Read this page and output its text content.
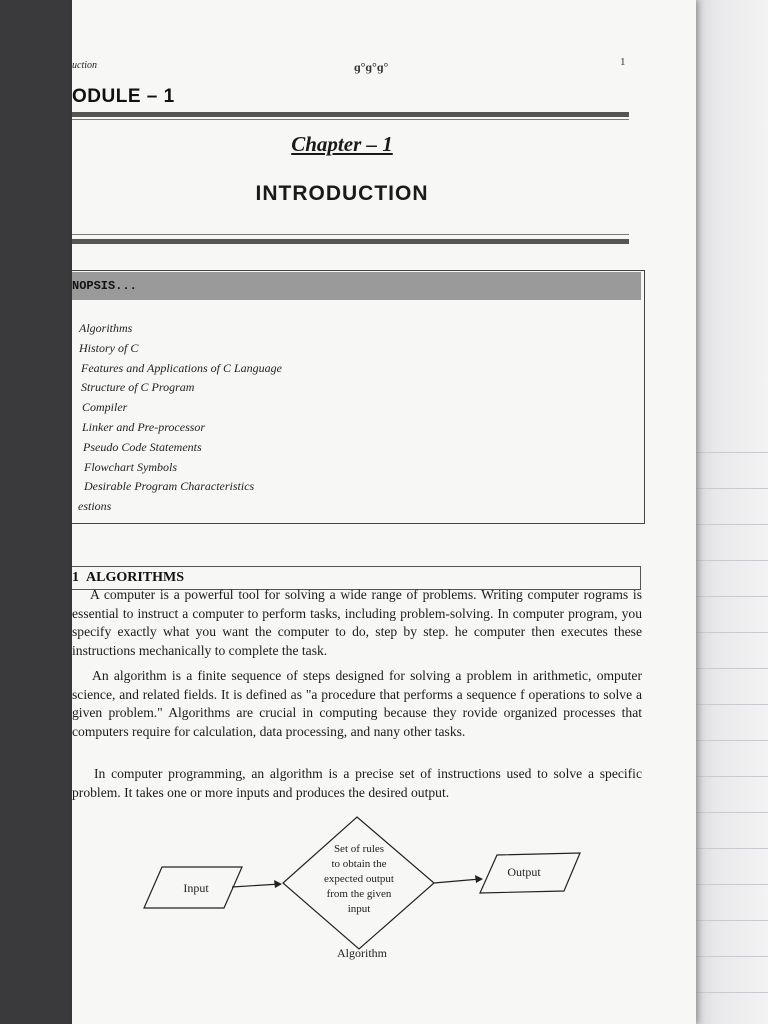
uction	ɡ°ɡ°ɡ°	1
ODULE – 1
Chapter – 1
INTRODUCTION
NOPSIS...
Algorithms
History of C
Features and Applications of C Language
Structure of C Program
Compiler
Linker and Pre-processor
Pseudo Code Statements
Flowchart Symbols
Desirable Program Characteristics
estions
1 ALGORITHMS

A computer is a powerful tool for solving a wide range of problems. Writing computer rograms is essential to instruct a computer to perform tasks, including problem-solving. In computer program, you specify exactly what you want the computer to do, step by step. he computer then executes these instructions mechanically to complete the task.

An algorithm is a finite sequence of steps designed for solving a problem in arithmetic, omputer science, and related fields. It is defined as "a procedure that performs a sequence f operations to solve a given problem." Algorithms are crucial in computing because they rovide organized processes that computers require for calculation, data processing, and nany other tasks.

In computer programming, an algorithm is a precise set of instructions used to solve a specific problem. It takes one or more inputs and produces the desired output.

Input
Set of rules
to obtain the
expected output
from the given
input
Output
Algorithm
